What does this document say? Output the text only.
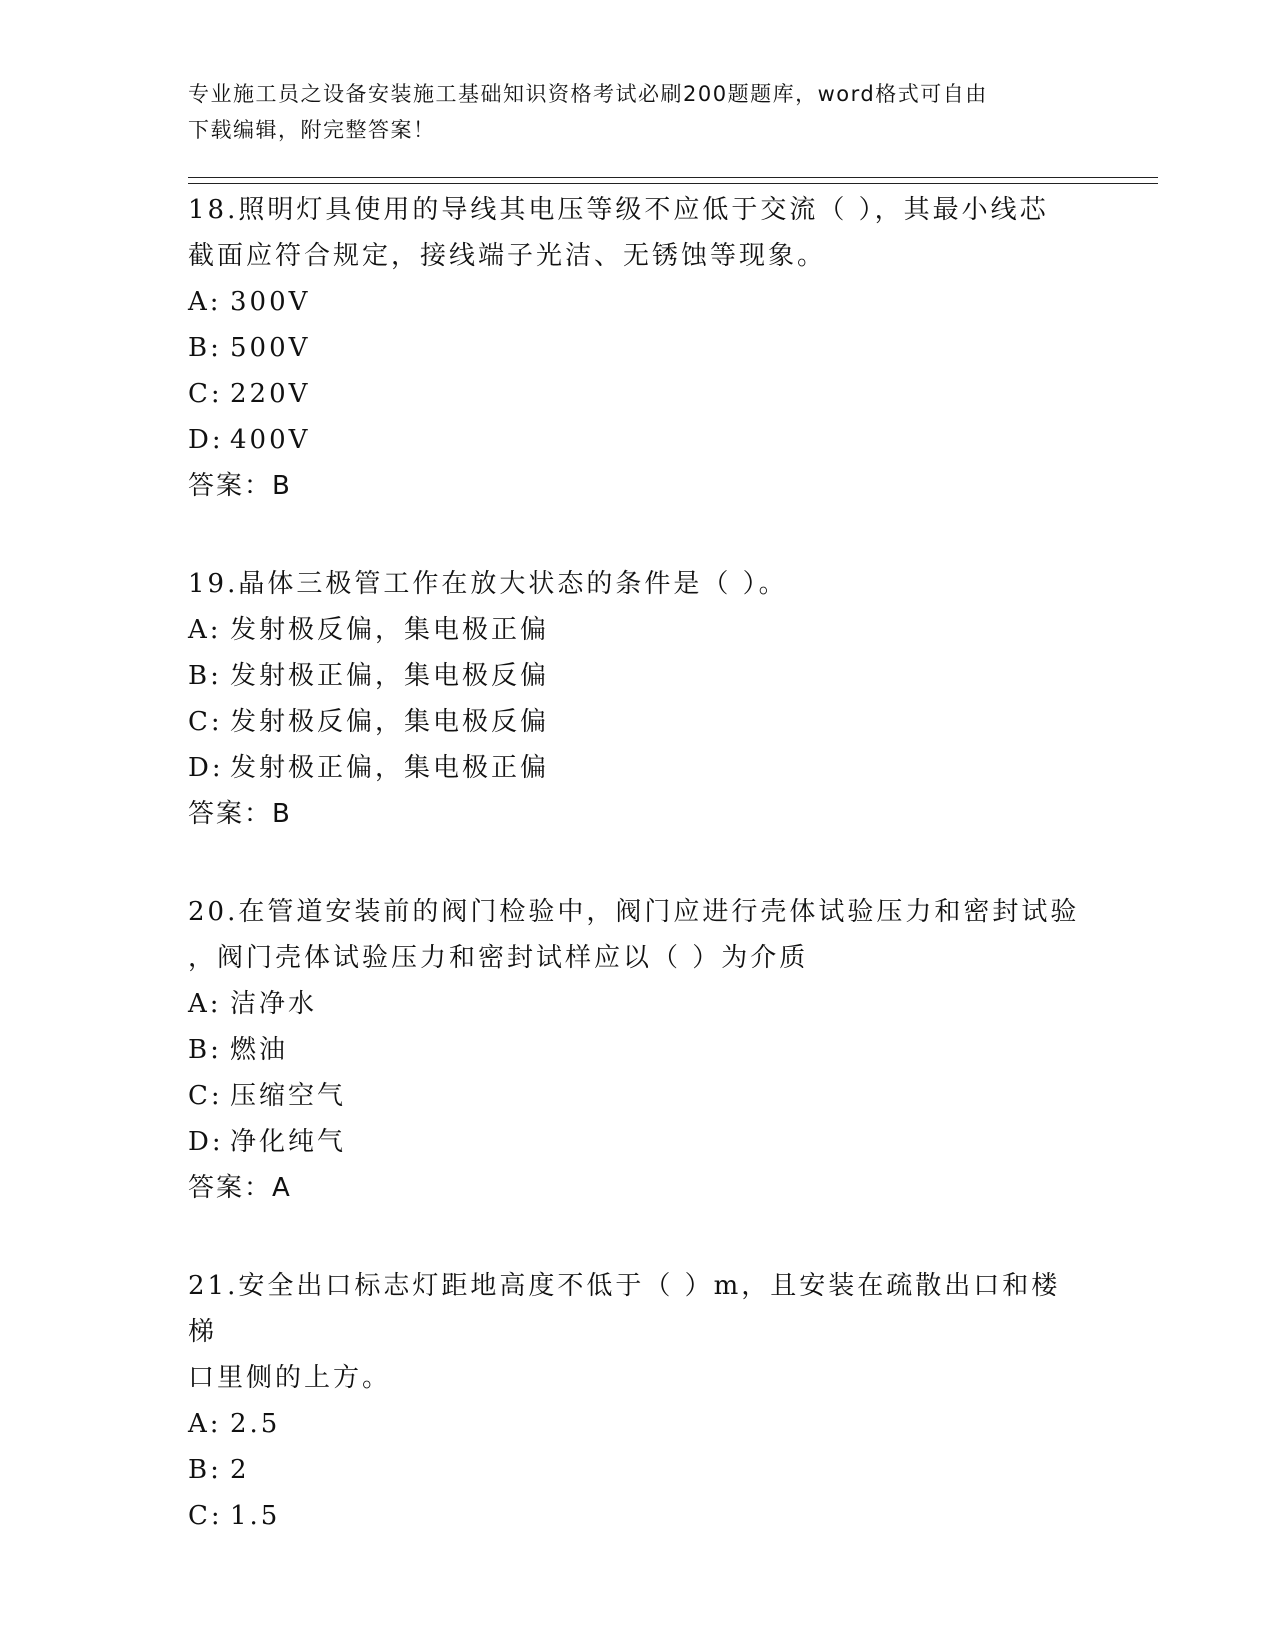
专业施工员之设备安装施工基础知识资格考试必刷200题题库，word格式可自由
下载编辑，附完整答案！
18.照明灯具使用的导线其电压等级不应低于交流（ ），其最小线芯
截面应符合规定，接线端子光洁、无锈蚀等现象。
A: 300V
B: 500V
C: 220V
D: 400V
答案：B
19.晶体三极管工作在放大状态的条件是（ ）。
A: 发射极反偏，集电极正偏
B: 发射极正偏，集电极反偏
C: 发射极反偏，集电极反偏
D: 发射极正偏，集电极正偏
答案：B
20.在管道安装前的阀门检验中，阀门应进行壳体试验压力和密封试验
，阀门壳体试验压力和密封试样应以（ ）为介质
A: 洁净水
B: 燃油
C: 压缩空气
D: 净化纯气
答案：A
21.安全出口标志灯距地高度不低于（ ）m，且安装在疏散出口和楼梯
口里侧的上方。
A: 2.5
B: 2
C: 1.5
